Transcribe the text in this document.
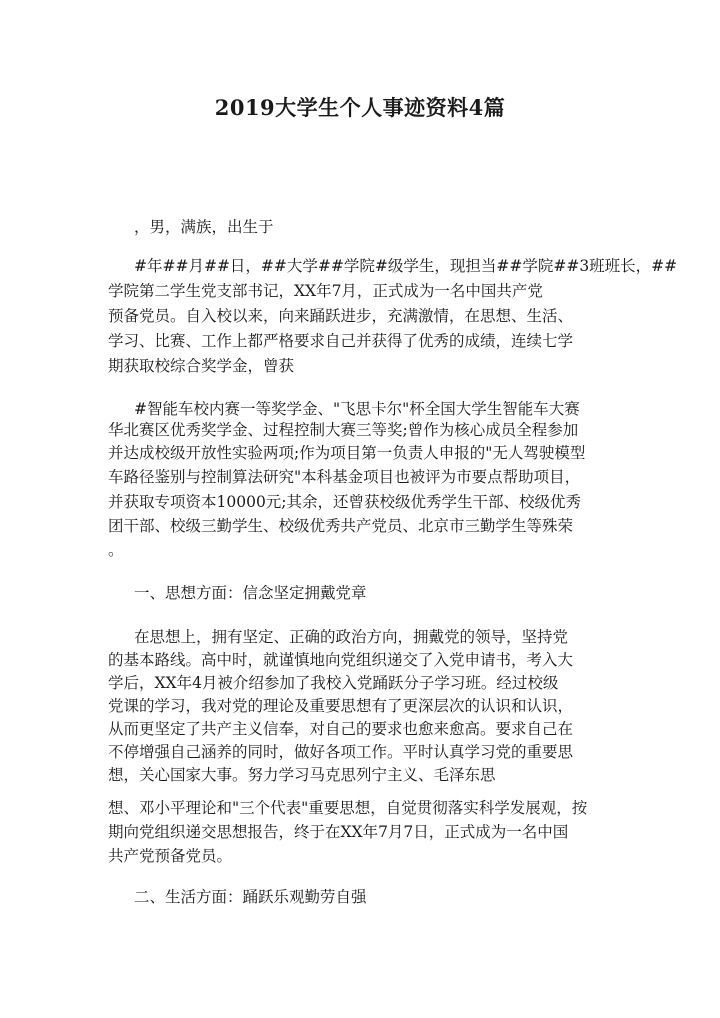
2019大学生个人事迹资料4篇
，男，满族，出生于
#年##月##日，##大学##学院#级学生，现担当##学院##3班班长，##
学院第二学生党支部书记，XX年7月，正式成为一名中国共产党
预备党员。自入校以来，向来踊跃进步，充满激情，在思想、生活、
学习、比赛、工作上都严格要求自己并获得了优秀的成绩，连续七学
期获取校综合奖学金，曾获
#智能车校内赛一等奖学金、"飞思卡尔"杯全国大学生智能车大赛
华北赛区优秀奖学金、过程控制大赛三等奖;曾作为核心成员全程参加
并达成校级开放性实验两项;作为项目第一负责人申报的"无人驾驶模型
车路径鉴别与控制算法研究"本科基金项目也被评为市要点帮助项目，
并获取专项资本10000元;其余，还曾获校级优秀学生干部、校级优秀
团干部、校级三勤学生、校级优秀共产党员、北京市三勤学生等殊荣
。
一、思想方面：信念坚定拥戴党章
在思想上，拥有坚定、正确的政治方向，拥戴党的领导，坚持党
的基本路线。高中时，就谨慎地向党组织递交了入党申请书，考入大
学后，XX年4月被介绍参加了我校入党踊跃分子学习班。经过校级
党课的学习，我对党的理论及重要思想有了更深层次的认识和认识，
从而更坚定了共产主义信奉，对自己的要求也愈来愈高。要求自己在
不停增强自己涵养的同时，做好各项工作。平时认真学习党的重要思
想，关心国家大事。努力学习马克思列宁主义、毛泽东思
想、邓小平理论和"三个代表"重要思想，自觉贯彻落实科学发展观，按
期向党组织递交思想报告，终于在XX年7月7日，正式成为一名中国
共产党预备党员。
二、生活方面：踊跃乐观勤劳自强
